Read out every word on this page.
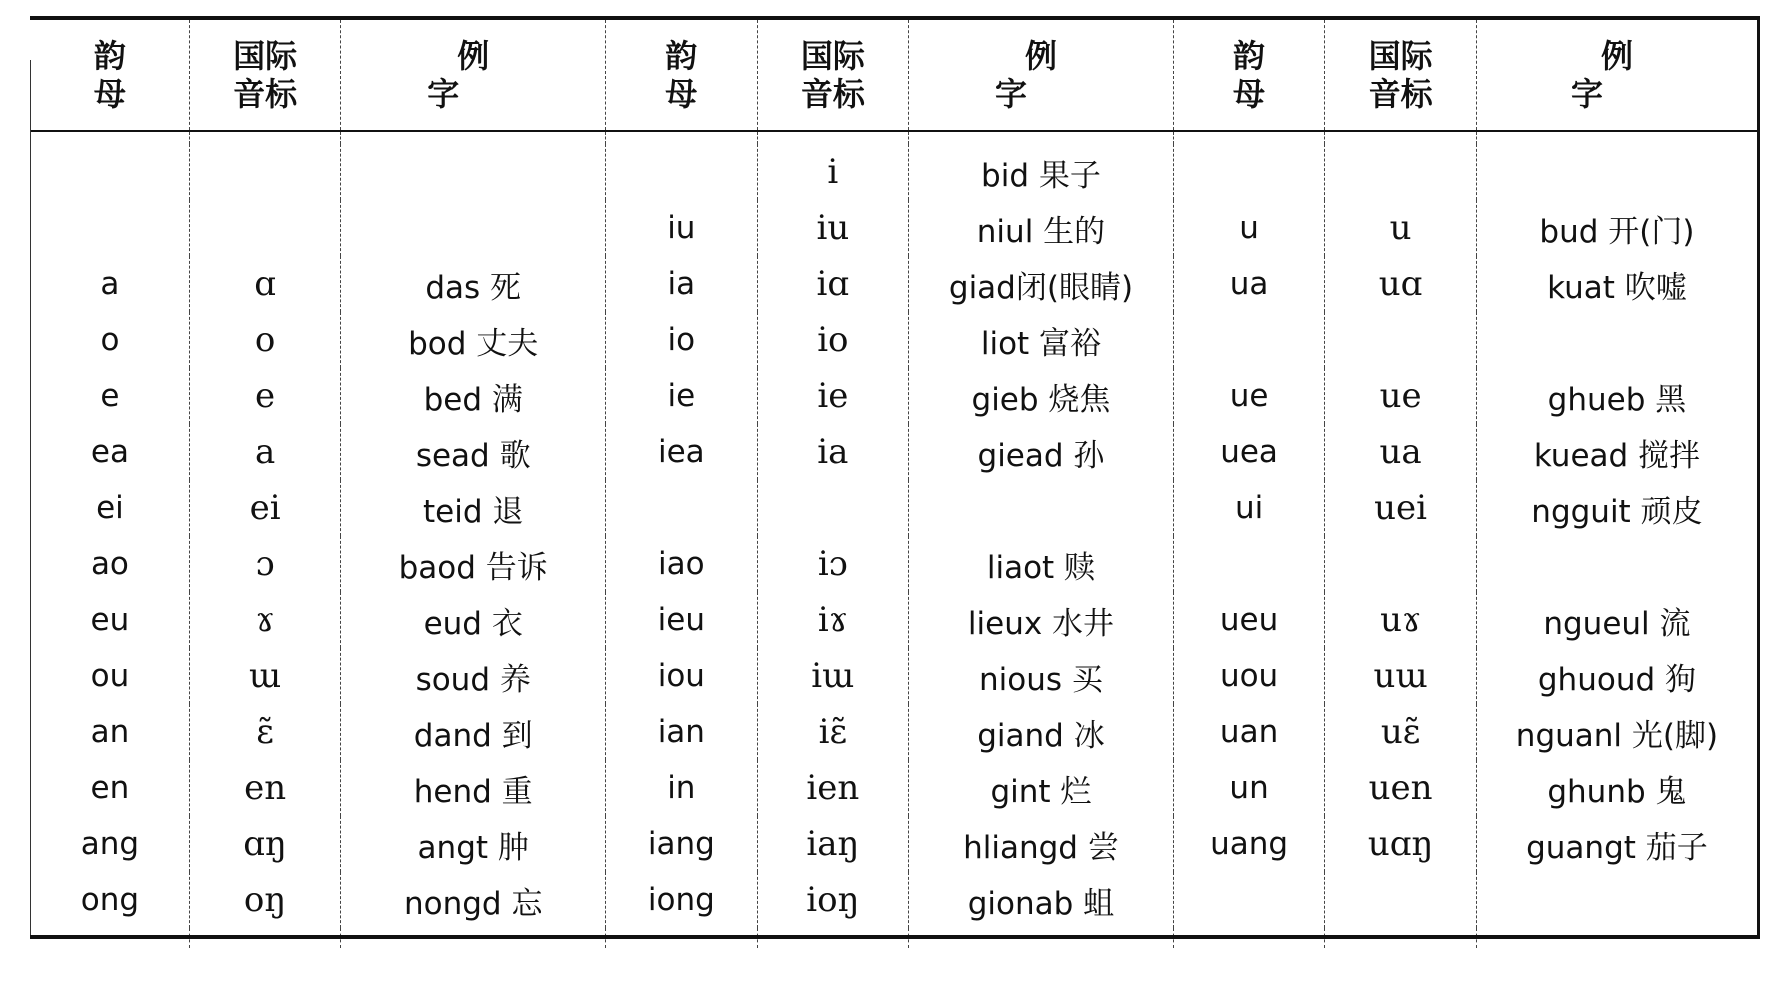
韵母	国际音标	例 字	韵母	国际音标	例 字	韵母	国际音标	例 字

				i	bid 果子			
			iu	iu	niul 生的	u	u	bud 开(门)
a	ɑ	das 死	ia	iɑ	giad闭(眼睛)	ua	uɑ	kuat 吹嘘
o	o	bod 丈夫	io	io	liot 富裕			
e	e	bed 满	ie	ie	gieb 烧焦	ue	ue	ghueb 黑
ea	a	sead 歌	iea	ia	giead 孙	uea	ua	kuead 搅拌
ei	ei	teid 退				ui	uei	ngguit 顽皮
ao	ɔ	baod 告诉	iao	iɔ	liaot 赎			
eu	ɤ	eud 衣	ieu	iɤ	lieux 水井	ueu	uɤ	ngueul 流
ou	ɯ	soud 养	iou	iɯ	nious 买	uou	uɯ	ghuoud 狗
an	ɛ̃	dand 到	ian	iɛ̃	giand 冰	uan	uɛ̃	nguanl 光(脚)
en	en	hend 重	in	ien	gint 烂	un	uen	ghunb 鬼
ang	ɑŋ	angt 肿	iang	iaŋ	hliangd 尝	uang	uɑŋ	guangt 茄子
ong	oŋ	nongd 忘	iong	ioŋ	gionab 蛆			
